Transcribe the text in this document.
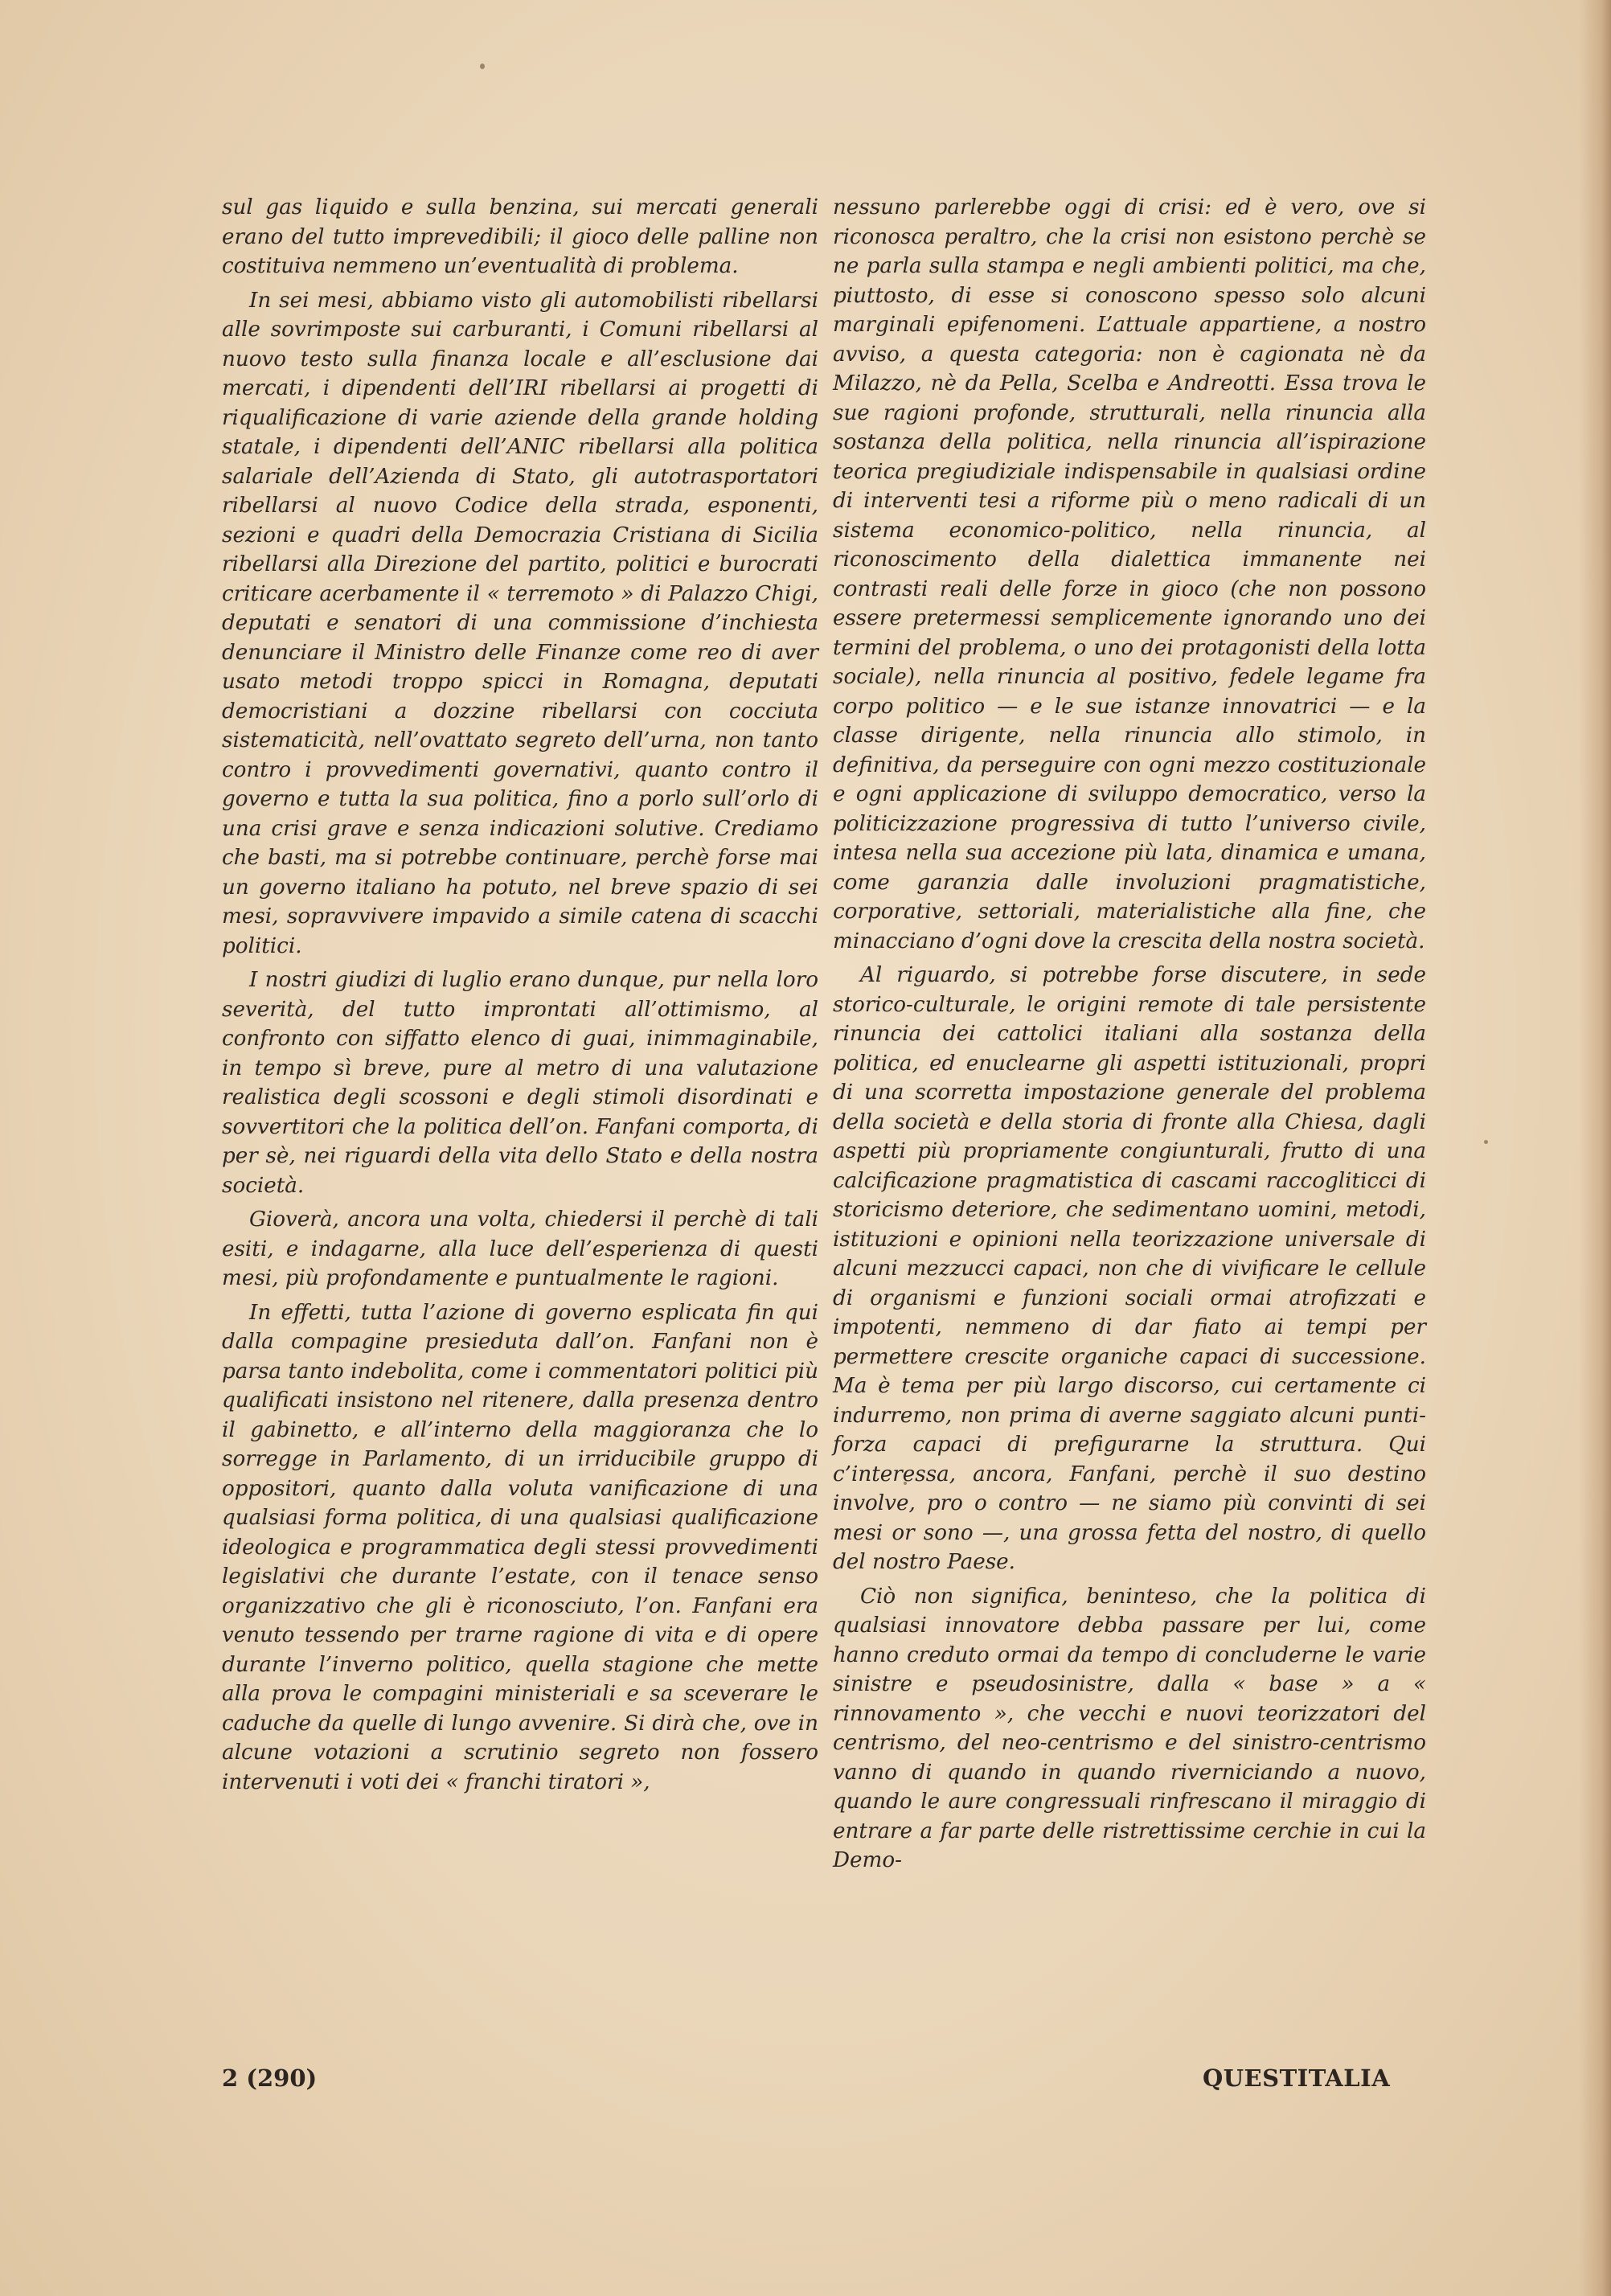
sul gas liquido e sulla benzina, sui mercati generali erano del tutto imprevedibili; il gioco delle palline non costituiva nemmeno un’eventualità di problema.

In sei mesi, abbiamo visto gli automobilisti ribellarsi alle sovrimposte sui carburanti, i Comuni ribellarsi al nuovo testo sulla finanza locale e all’esclusione dai mercati, i dipendenti dell’IRI ribellarsi ai progetti di riqualificazione di varie aziende della grande holding statale, i dipendenti dell’ANIC ribellarsi alla politica salariale dell’Azienda di Stato, gli autotrasportatori ribellarsi al nuovo Codice della strada, esponenti, sezioni e quadri della Democrazia Cristiana di Sicilia ribellarsi alla Direzione del partito, politici e burocrati criticare acerbamente il « terremoto » di Palazzo Chigi, deputati e senatori di una commissione d’inchiesta denunciare il Ministro delle Finanze come reo di aver usato metodi troppo spicci in Romagna, deputati democristiani a dozzine ribellarsi con cocciuta sistematicità, nell’ovattato segreto dell’urna, non tanto contro i provvedimenti governativi, quanto contro il governo e tutta la sua politica, fino a porlo sull’orlo di una crisi grave e senza indicazioni solutive. Crediamo che basti, ma si potrebbe continuare, perchè forse mai un governo italiano ha potuto, nel breve spazio di sei mesi, sopravvivere impavido a simile catena di scacchi politici.

I nostri giudizi di luglio erano dunque, pur nella loro severità, del tutto improntati all’ottimismo, al confronto con siffatto elenco di guai, inimmaginabile, in tempo sì breve, pure al metro di una valutazione realistica degli scossoni e degli stimoli disordinati e sovvertitori che la politica dell’on. Fanfani comporta, di per sè, nei riguardi della vita dello Stato e della nostra società.

Gioverà, ancora una volta, chiedersi il perchè di tali esiti, e indagarne, alla luce dell’esperienza di questi mesi, più profondamente e puntualmente le ragioni.

In effetti, tutta l’azione di governo esplicata fin qui dalla compagine presieduta dall’on. Fanfani non è parsa tanto indebolita, come i commentatori politici più qualificati insistono nel ritenere, dalla presenza dentro il gabinetto, e all’interno della maggioranza che lo sorregge in Parlamento, di un irriducibile gruppo di oppositori, quanto dalla voluta vanificazione di una qualsiasi forma politica, di una qualsiasi qualificazione ideologica e programmatica degli stessi provvedimenti legislativi che durante l’estate, con il tenace senso organizzativo che gli è riconosciuto, l’on. Fanfani era venuto tessendo per trarne ragione di vita e di opere durante l’inverno politico, quella stagione che mette alla prova le compagini ministeriali e sa sceverare le caduche da quelle di lungo avvenire. Si dirà che, ove in alcune votazioni a scrutinio segreto non fossero intervenuti i voti dei « franchi tiratori »,

nessuno parlerebbe oggi di crisi: ed è vero, ove si riconosca peraltro, che la crisi non esistono perchè se ne parla sulla stampa e negli ambienti politici, ma che, piuttosto, di esse si conoscono spesso solo alcuni marginali epifenomeni. L’attuale appartiene, a nostro avviso, a questa categoria: non è cagionata nè da Milazzo, nè da Pella, Scelba e Andreotti. Essa trova le sue ragioni profonde, strutturali, nella rinuncia alla sostanza della politica, nella rinuncia all’ispirazione teorica pregiudiziale indispensabile in qualsiasi ordine di interventi tesi a riforme più o meno radicali di un sistema economico-politico, nella rinuncia, al riconoscimento della dialettica immanente nei contrasti reali delle forze in gioco (che non possono essere pretermessi semplicemente ignorando uno dei termini del problema, o uno dei protagonisti della lotta sociale), nella rinuncia al positivo, fedele legame fra corpo politico — e le sue istanze innovatrici — e la classe dirigente, nella rinuncia allo stimolo, in definitiva, da perseguire con ogni mezzo costituzionale e ogni applicazione di sviluppo democratico, verso la politicizzazione progressiva di tutto l’universo civile, intesa nella sua accezione più lata, dinamica e umana, come garanzia dalle involuzioni pragmatistiche, corporative, settoriali, materialistiche alla fine, che minacciano d’ogni dove la crescita della nostra società.

Al riguardo, si potrebbe forse discutere, in sede storico-culturale, le origini remote di tale persistente rinuncia dei cattolici italiani alla sostanza della politica, ed enuclearne gli aspetti istituzionali, propri di una scorretta impostazione generale del problema della società e della storia di fronte alla Chiesa, dagli aspetti più propriamente congiunturali, frutto di una calcificazione pragmatistica di cascami raccogliticci di storicismo deteriore, che sedimentano uomini, metodi, istituzioni e opinioni nella teorizzazione universale di alcuni mezzucci capaci, non che di vivificare le cellule di organismi e funzioni sociali ormai atrofizzati e impotenti, nemmeno di dar fiato ai tempi per permettere crescite organiche capaci di successione. Ma è tema per più largo discorso, cui certamente ci indurremo, non prima di averne saggiato alcuni punti-forza capaci di prefigurarne la struttura. Qui c’interessa, ancora, Fanfani, perchè il suo destino involve, pro o contro — ne siamo più convinti di sei mesi or sono —, una grossa fetta del nostro, di quello del nostro Paese.

Ciò non significa, beninteso, che la politica di qualsiasi innovatore debba passare per lui, come hanno creduto ormai da tempo di concluderne le varie sinistre e pseudosinistre, dalla « base » a « rinnovamento », che vecchi e nuovi teorizzatori del centrismo, del neo-centrismo e del sinistro-centrismo vanno di quando in quando riverniciando a nuovo, quando le aure congressuali rinfrescano il miraggio di entrare a far parte delle ristrettissime cerchie in cui la Demo-

2 (290)	QUESTITALIA
